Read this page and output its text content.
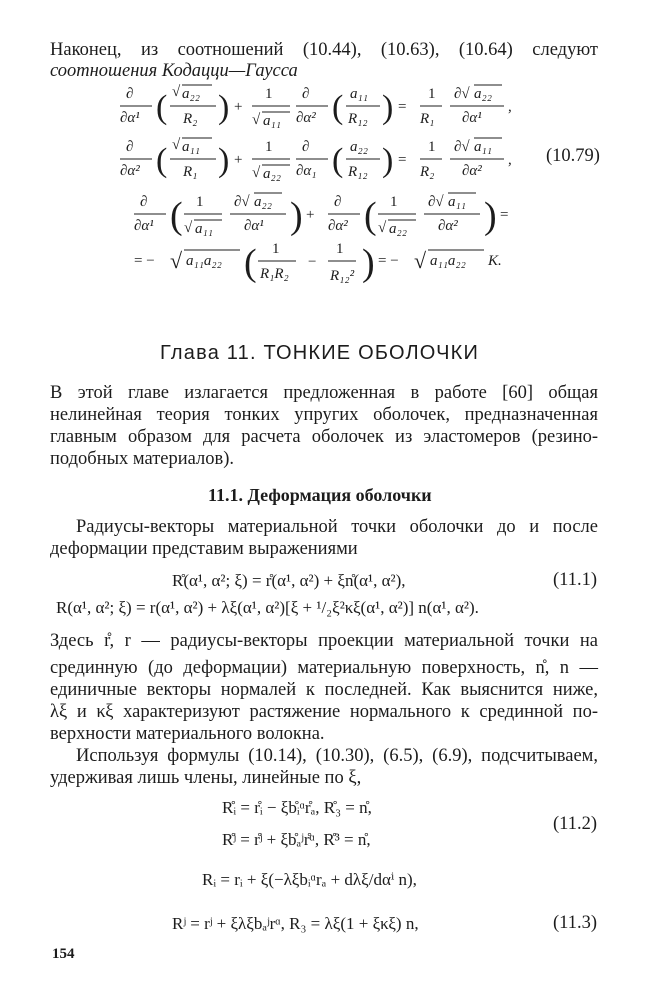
Наконец, из соотношений (10.44), (10.63), (10.64) следуют
соотношения Кодацци—Гаусса
∂
∂α¹ ( √ a₂₂
R₂ ) +
1
√ a₁₁
∂
∂α² ( a₁₁
R₁₂ ) =
1
R₁
∂√ a₂₂
∂α¹
,
∂
∂α² ( √ a₁₁
R₁ ) +
1
√ a₂₂
∂
∂α₁ ( a₂₂
R₁₂ ) =
1
R₂
∂√ a₁₁
∂α²
,
∂
∂α¹ ( 1
√ a₁₁
∂√ a₂₂
∂α¹ ) +
∂
∂α² ( 1
√ a₂₂
∂√ a₁₁
∂α² ) =
= − √ a₁₁a₂₂ ( 1
R₁R₂
−
1
R₁₂² ) = − √ a₁₁a₂₂ K.
(10.79)
Глава 11. ТОНКИЕ ОБОЛОЧКИ
В этой главе излагается предложенная в работе [60] общая
нелинейная теория тонких упругих оболочек, предназначенная
главным образом для расчета оболочек из эластомеров (резино-
подобных материалов).
11.1. Деформация оболочки
Радиусы-векторы материальной точки оболочки до и после
деформации представим выражениями
R̊(α¹, α²; ξ) = r̊(α¹, α²) + ξn̊(α¹, α²),	(11.1)
R(α¹, α²; ξ) = r(α¹, α²) + λξ(α¹, α²)[ξ + ¹/₂ξ²κξ(α¹, α²)] n(α¹, α²).
Здесь r̊, r — радиусы-векторы проекции материальной точки на
срединную (до деформации) материальную поверхность, n̊, n —
единичные векторы нормалей к последней. Как выяснится ниже,
λξ и κξ характеризуют растяжение нормального к срединной по-
верхности материального волокна.
Используя формулы (10.14), (10.30), (6.5), (6.9), подсчитываем,
удерживая лишь члены, линейные по ξ,
R̊ᵢ = r̊ᵢ − ξb̊ᵢᵅr̊ₐ, R̊₃ = n̊,
R̊ʲ = r̊ʲ + ξb̊ₐʲr̊ᵅ, R̊³ = n̊,
(11.2)
Rᵢ = rᵢ + ξ(−λξbᵢᵅrₐ + dλξ/dαⁱ n),
Rʲ = rʲ + ξλξbₐʲrᵅ, R₃ = λξ(1 + ξκξ) n,	(11.3)
154
